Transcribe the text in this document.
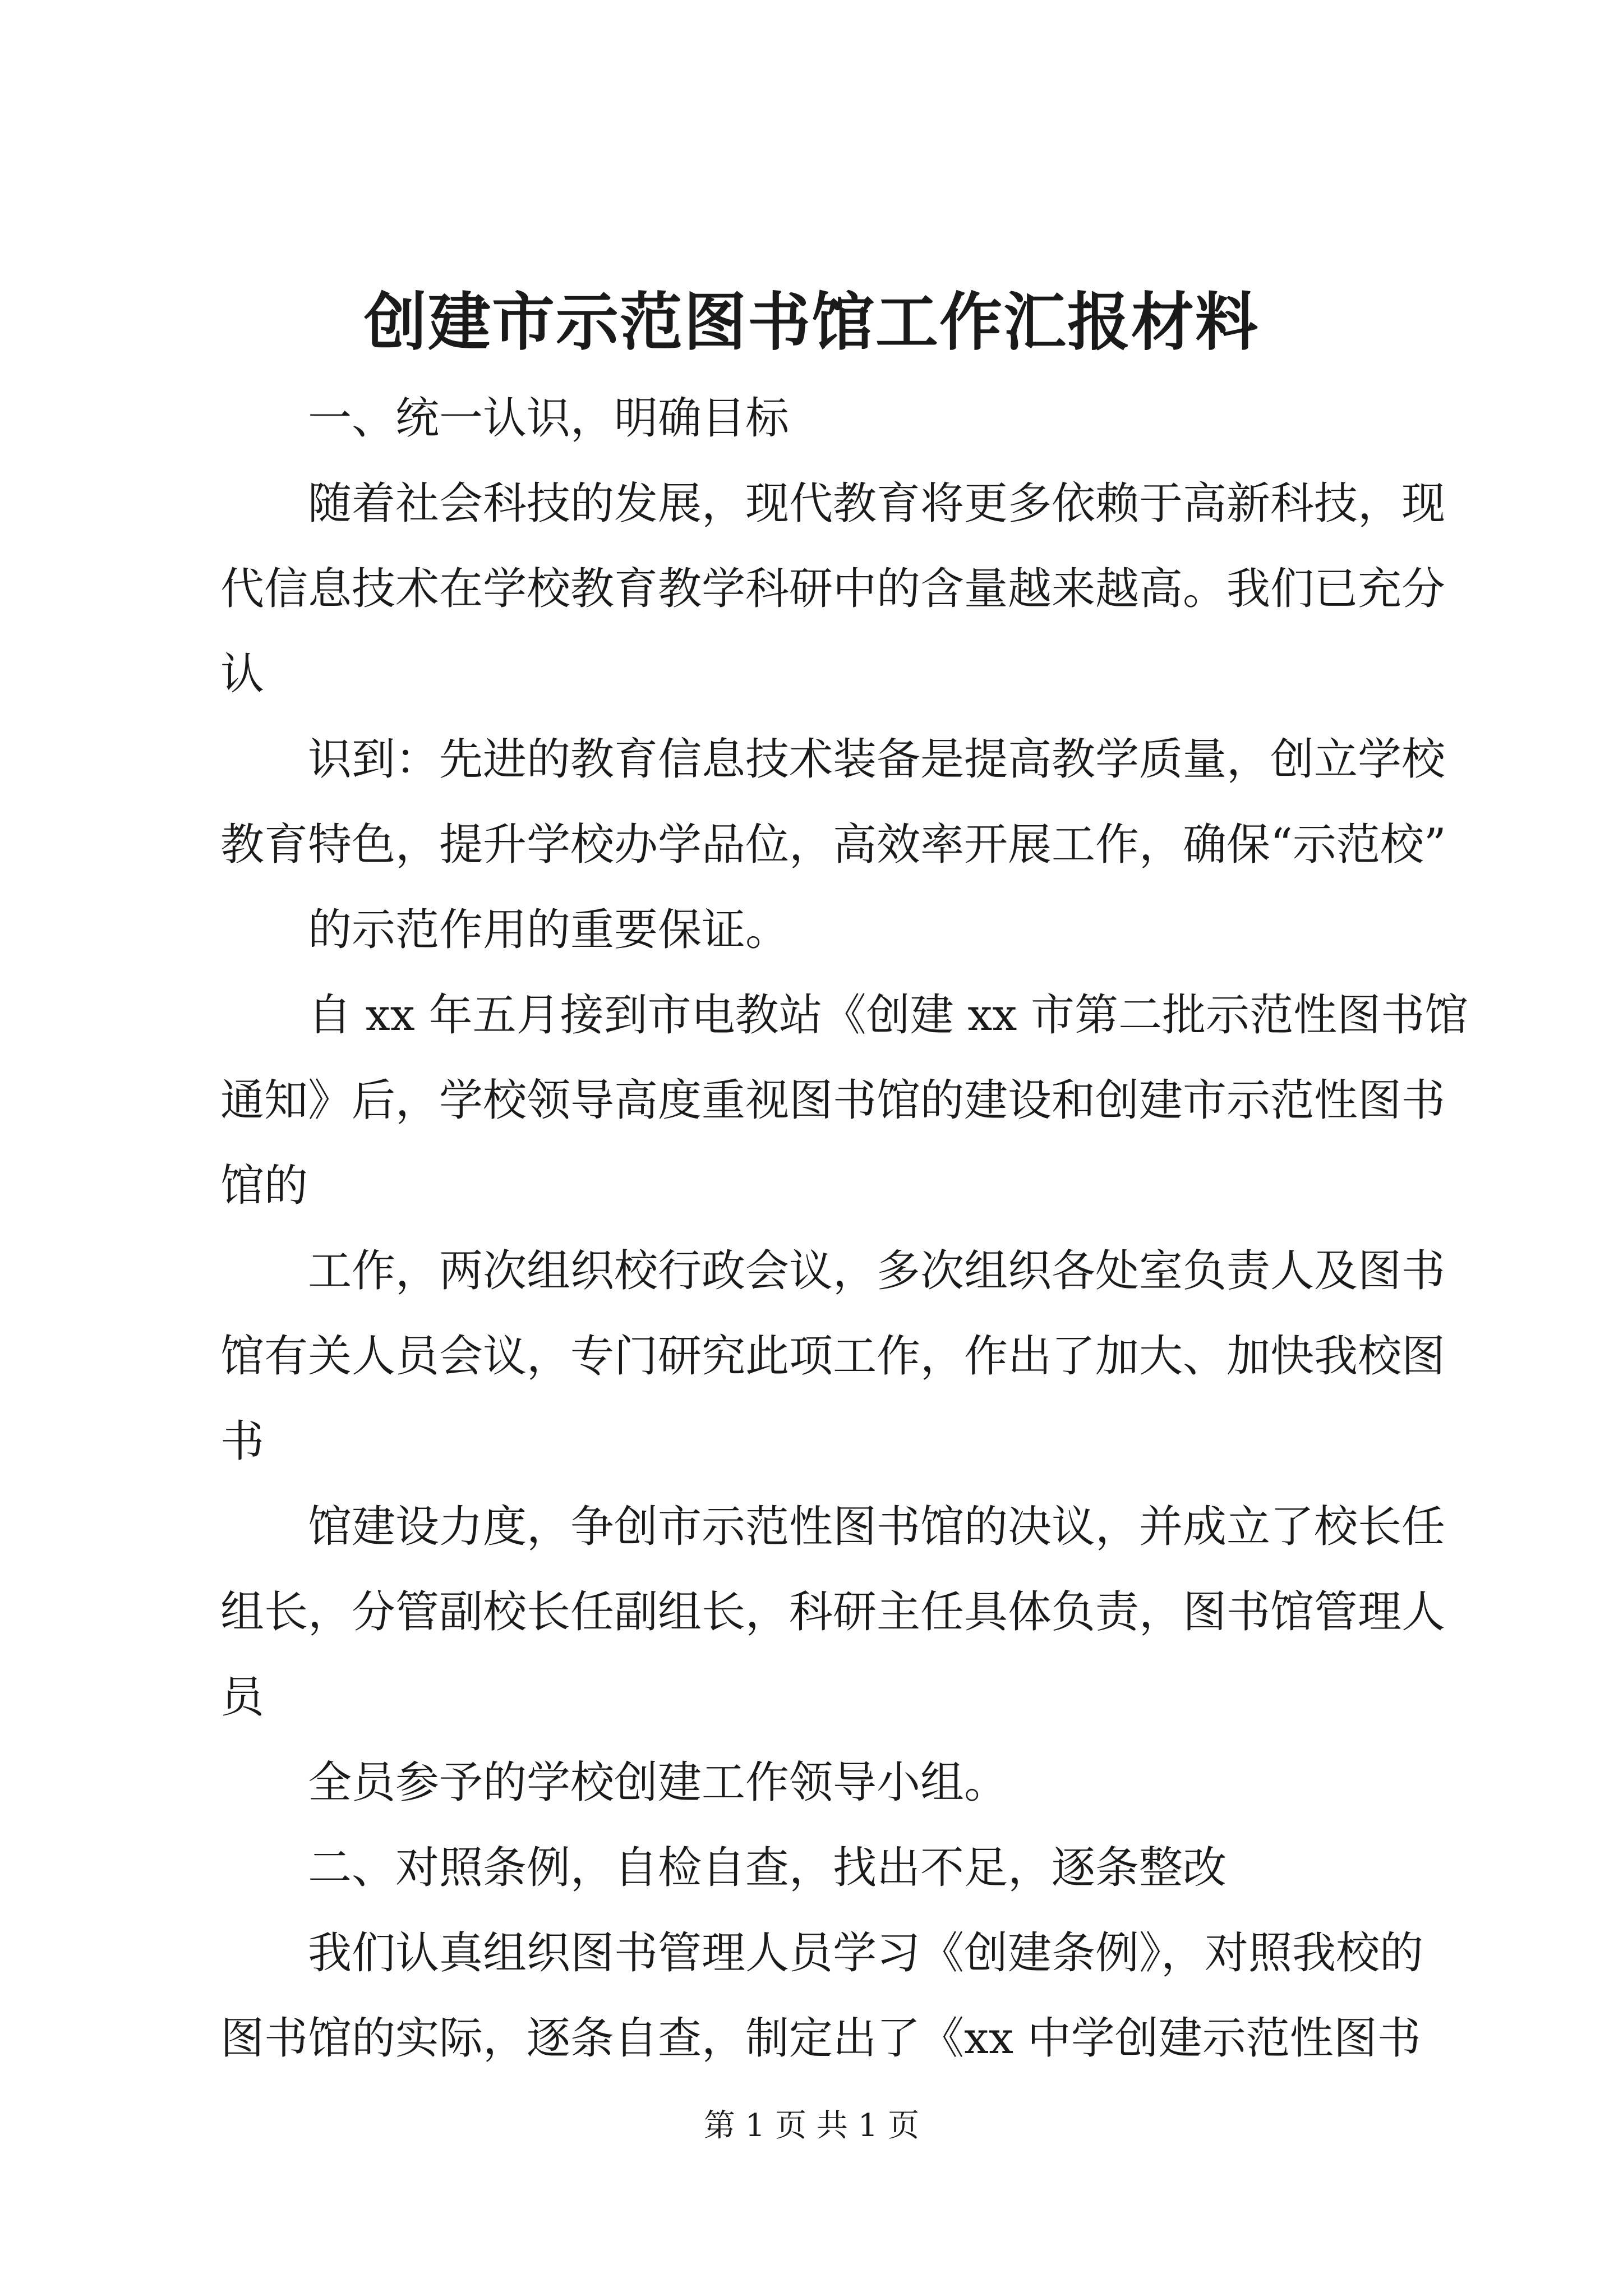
创建市示范图书馆工作汇报材料
一、统一认识，明确目标
随着社会科技的发展，现代教育将更多依赖于高新科技，现
代信息技术在学校教育教学科研中的含量越来越高。我们已充分
认
识到：先进的教育信息技术装备是提高教学质量，创立学校
教育特色，提升学校办学品位，高效率开展工作，确保“示范校”
的示范作用的重要保证。
自 xx 年五月接到市电教站《创建 xx 市第二批示范性图书馆
通知》后，学校领导高度重视图书馆的建设和创建市示范性图书
馆的
工作，两次组织校行政会议，多次组织各处室负责人及图书
馆有关人员会议，专门研究此项工作，作出了加大、加快我校图
书
馆建设力度，争创市示范性图书馆的决议，并成立了校长任
组长，分管副校长任副组长，科研主任具体负责，图书馆管理人
员
全员参予的学校创建工作领导小组。
二、对照条例，自检自查，找出不足，逐条整改
我们认真组织图书管理人员学习《创建条例》，对照我校的
图书馆的实际，逐条自查，制定出了《xx 中学创建示范性图书
第 1 页 共 1 页
